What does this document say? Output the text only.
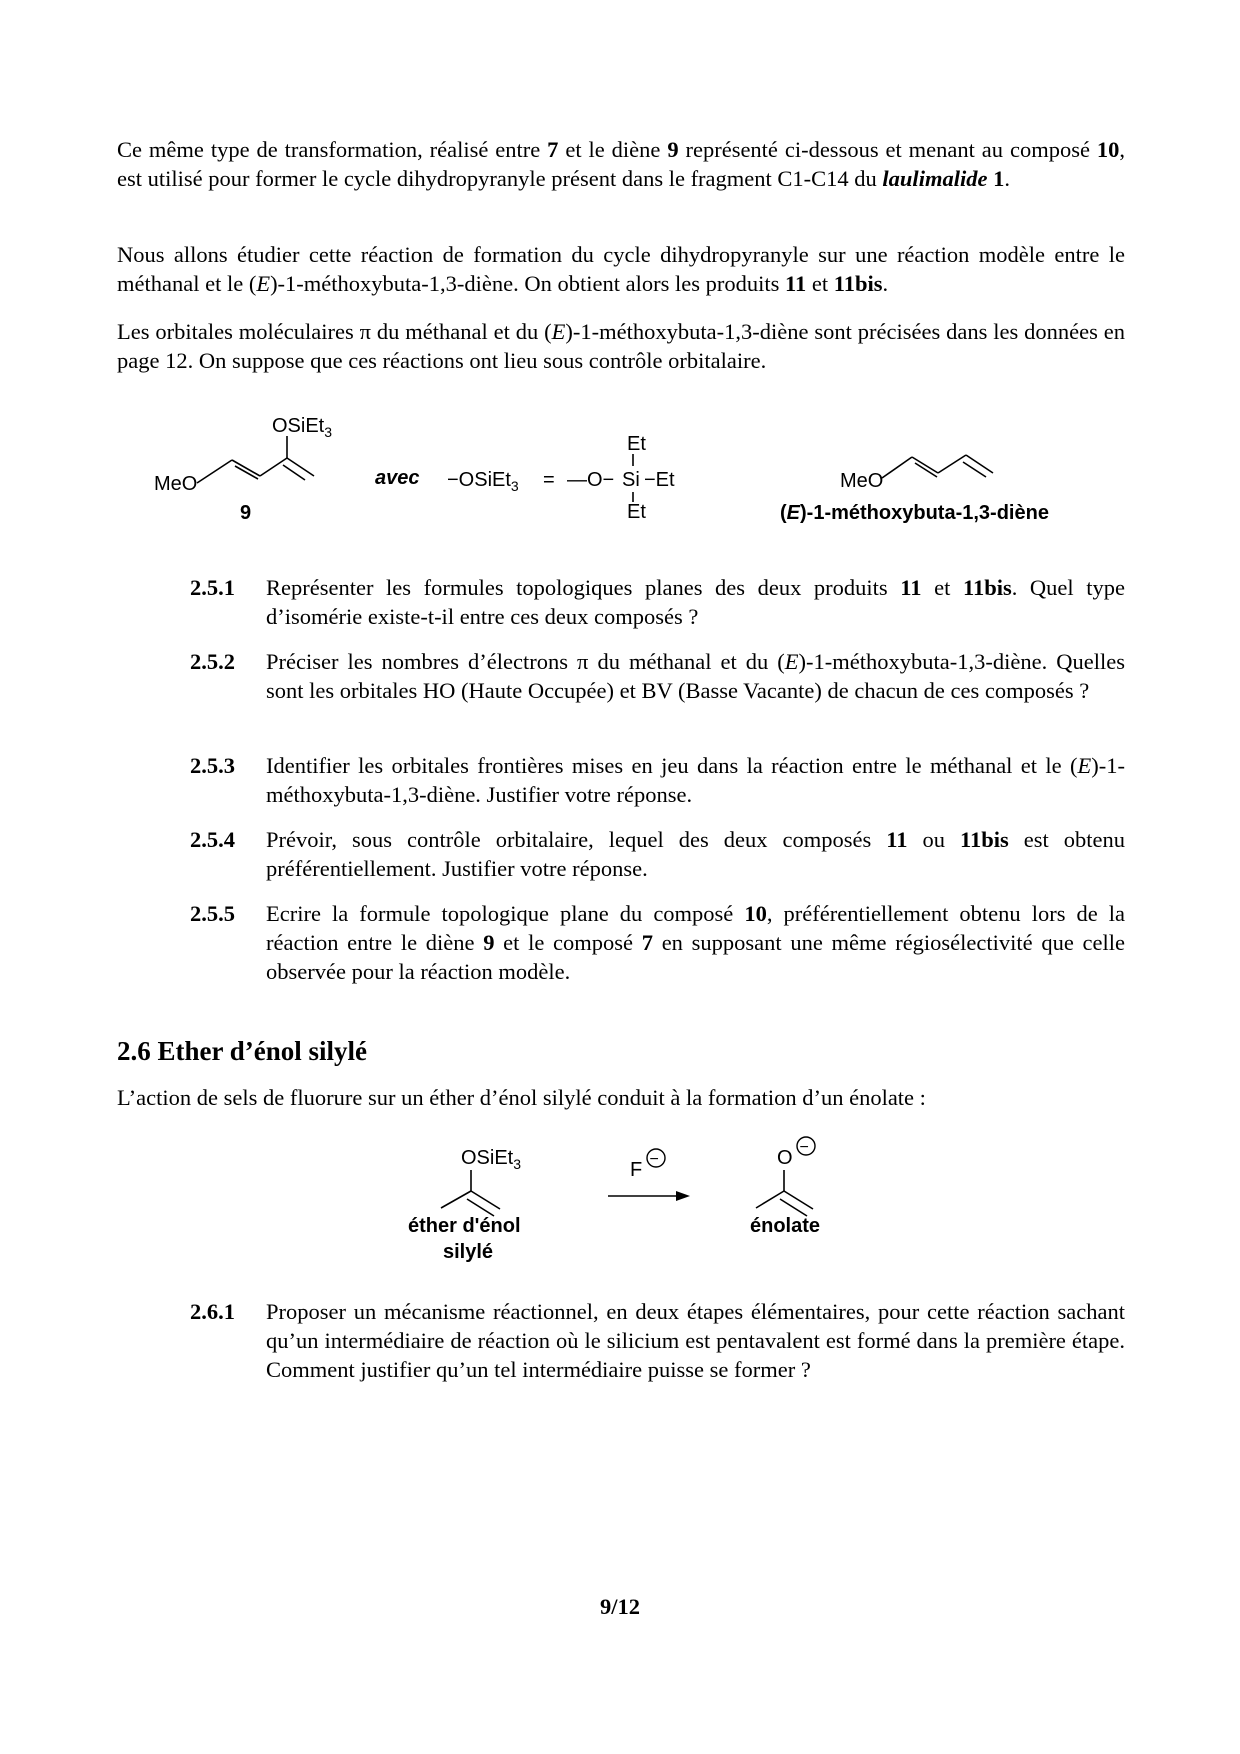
Ce même type de transformation, réalisé entre 7 et le diène 9 représenté ci-dessous et menant au composé 10, est utilisé pour former le cycle dihydropyranyle présent dans le fragment C1-C14 du laulimalide 1.
Nous allons étudier cette réaction de formation du cycle dihydropyranyle sur une réaction modèle entre le méthanal et le (E)-1-méthoxybuta-1,3-diène. On obtient alors les produits 11 et 11bis.
Les orbitales moléculaires π du méthanal et du (E)-1-méthoxybuta-1,3-diène sont précisées dans les données en page 12. On suppose que ces réactions ont lieu sous contrôle orbitalaire.
OSiEt$_3$
MeO
9
avec −OSiEt$_3$ = —O− Si −Et
Et
Et
MeO
(E)-1-méthoxybuta-1,3-diène
2.5.1 Représenter les formules topologiques planes des deux produits 11 et 11bis. Quel type d’isomérie existe-t-il entre ces deux composés ?
2.5.2 Préciser les nombres d’électrons π du méthanal et du (E)-1-méthoxybuta-1,3-diène. Quelles sont les orbitales HO (Haute Occupée) et BV (Basse Vacante) de chacun de ces composés ?
2.5.3 Identifier les orbitales frontières mises en jeu dans la réaction entre le méthanal et le (E)-1-méthoxybuta-1,3-diène. Justifier votre réponse.
2.5.4 Prévoir, sous contrôle orbitalaire, lequel des deux composés 11 ou 11bis est obtenu préférentiellement. Justifier votre réponse.
2.5.5 Ecrire la formule topologique plane du composé 10, préférentiellement obtenu lors de la réaction entre le diène 9 et le composé 7 en supposant une même régiosélectivité que celle observée pour la réaction modèle.
2.6 Ether d’énol silylé
L’action de sels de fluorure sur un éther d’énol silylé conduit à la formation d’un énolate :
OSiEt$_3$
éther d'énol
silylé
F −	O −
énolate
2.6.1 Proposer un mécanisme réactionnel, en deux étapes élémentaires, pour cette réaction sachant qu’un intermédiaire de réaction où le silicium est pentavalent est formé dans la première étape. Comment justifier qu’un tel intermédiaire puisse se former ?
9/12
